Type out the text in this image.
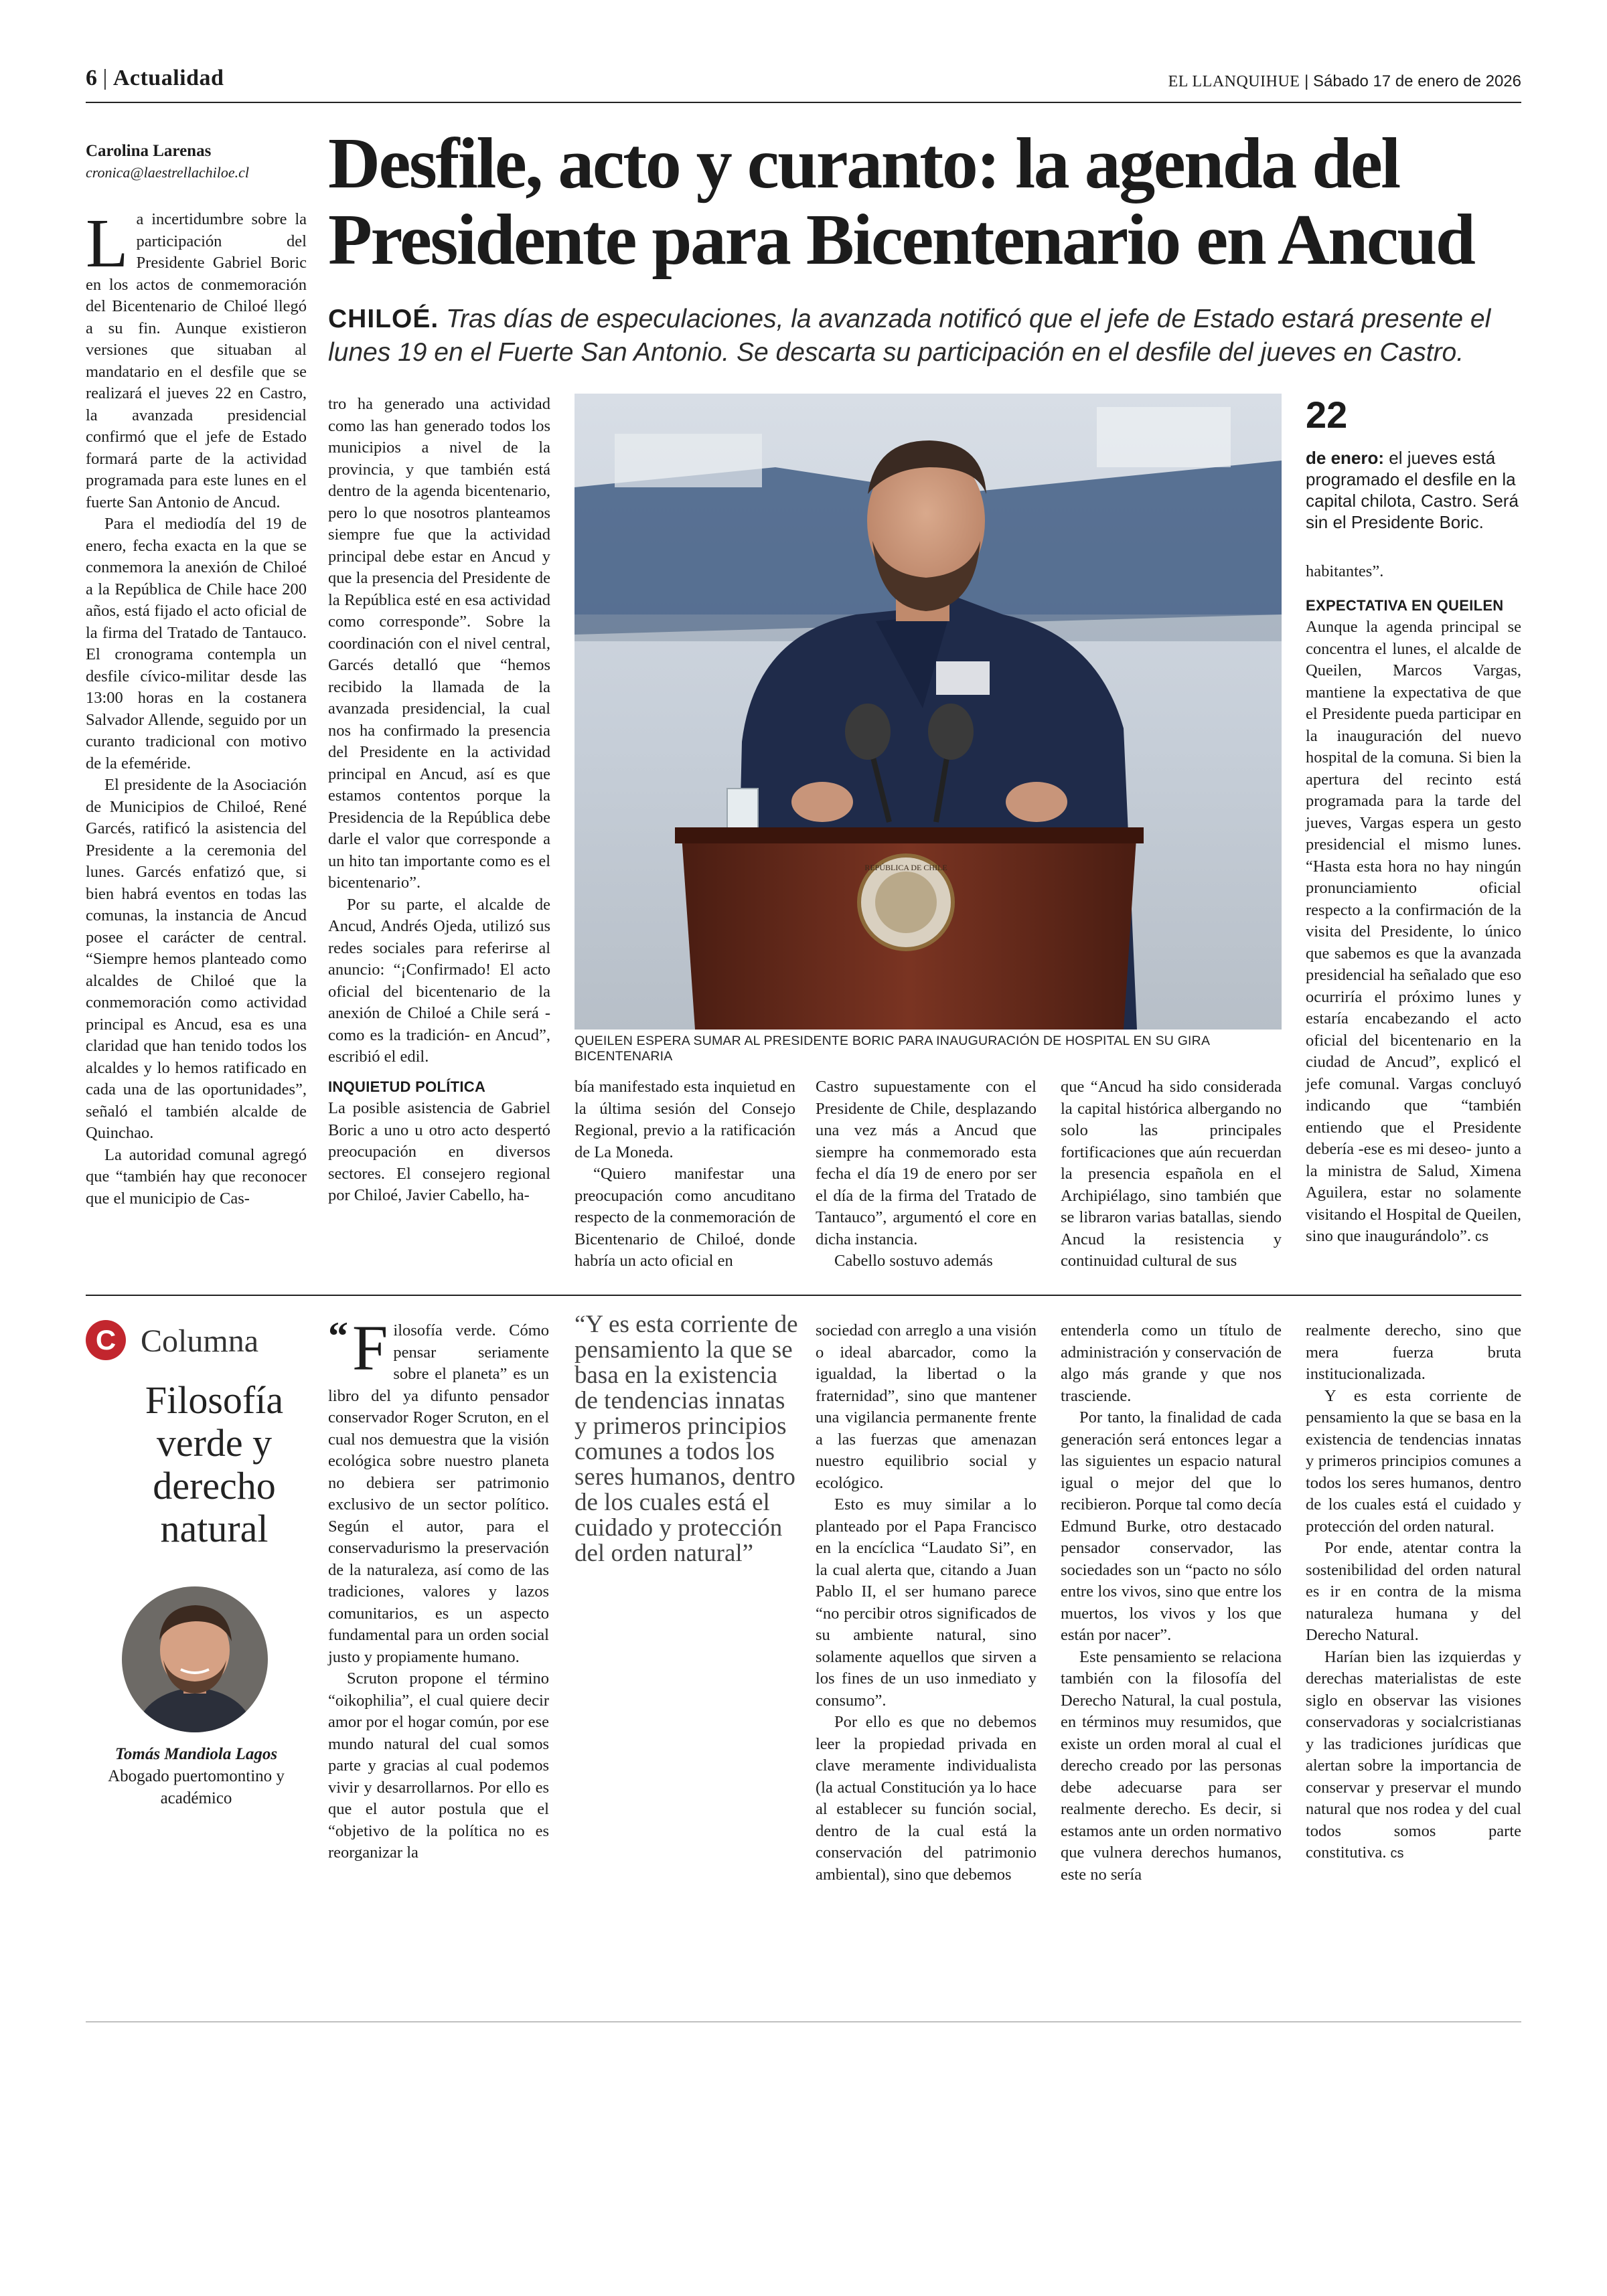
6 | Actualidad	EL LLANQUIHUE | Sábado 17 de enero de 2026
Carolina Larenas
cronica@laestrellachiloe.cl	Desfile, acto y curanto: la agenda del Presidente para Bicentenario en Ancud
CHILOÉ. Tras días de especulaciones, la avanzada notificó que el jefe de Estado estará presente el lunes 19 en el Fuerte San Antonio. Se descarta su participación en el desfile del jueves en Castro.

La incertidumbre sobre la participación del Presidente Gabriel Boric en los actos de conmemoración del Bicentenario de Chiloé llegó a su fin. Aunque existieron versiones que situaban al mandatario en el desfile que se realizará el jueves 22 en Castro, la avanzada presidencial confirmó que el jefe de Estado formará parte de la actividad programada para este lunes en el fuerte San Antonio de Ancud.

Para el mediodía del 19 de enero, fecha exacta en la que se conmemora la anexión de Chiloé a la República de Chile hace 200 años, está fijado el acto oficial de la firma del Tratado de Tantauco. El cronograma contempla un desfile cívico-militar desde las 13:00 horas en la costanera Salvador Allende, seguido por un curanto tradicional con motivo de la efeméride.

El presidente de la Asociación de Municipios de Chiloé, René Garcés, ratificó la asistencia del Presidente a la ceremonia del lunes. Garcés enfatizó que, si bien habrá eventos en todas las comunas, la instancia de Ancud posee el carácter de central. “Siempre hemos planteado como alcaldes de Chiloé que la conmemoración como actividad principal es Ancud, esa es una claridad que han tenido todos los alcaldes y lo hemos ratificado en cada una de las oportunidades”, señaló el también alcalde de Quinchao.

La autoridad comunal agregó que “también hay que reconocer que el municipio de Cas-

tro ha generado una actividad como las han generado todos los municipios a nivel de la provincia, y que también está dentro de la agenda bicentenario, pero lo que nosotros planteamos siempre fue que la actividad principal debe estar en Ancud y que la presencia del Presidente de la República esté en esa actividad como corresponde”. Sobre la coordinación con el nivel central, Garcés detalló que “hemos recibido la llamada de la avanzada presidencial, la cual nos ha confirmado la presencia del Presidente en la actividad principal en Ancud, así es que estamos contentos porque la Presidencia de la República debe darle el valor que corresponde a un hito tan importante como es el bicentenario”.

Por su parte, el alcalde de Ancud, Andrés Ojeda, utilizó sus redes sociales para referirse al anuncio: “¡Confirmado! El acto oficial del bicentenario de la anexión de Chiloé a Chile será -como es la tradición- en Ancud”, escribió el edil.

INQUIETUD POLÍTICA

La posible asistencia de Gabriel Boric a uno u otro acto despertó preocupación en diversos sectores. El consejero regional por Chiloé, Javier Cabello, ha-

REPÚBLICA DE CHILE
QUEILEN ESPERA SUMAR AL PRESIDENTE BORIC PARA INAUGURACIÓN DE HOSPITAL EN SU GIRA BICENTENARIA
22
de enero: el jueves está programado el desfile en la capital chilota, Castro. Será sin el Presidente Boric.

habitantes”.

EXPECTATIVA EN QUEILEN

Aunque la agenda principal se concentra el lunes, el alcalde de Queilen, Marcos Vargas, mantiene la expectativa de que el Presidente pueda participar en la inauguración del nuevo hospital de la comuna. Si bien la apertura del recinto está programada para la tarde del jueves, Vargas espera un gesto presidencial el mismo lunes. “Hasta esta hora no hay ningún pronunciamiento oficial respecto a la confirmación de la visita del Presidente, lo único que sabemos es que la avanzada presidencial ha señalado que eso ocurriría el próximo lunes y estaría encabezando el acto oficial del bicentenario en la ciudad de Ancud”, explicó el jefe comunal. Vargas concluyó indicando que “también entiendo que el Presidente debería -ese es mi deseo- junto a la ministra de Salud, Ximena Aguilera, estar no solamente visitando el Hospital de Queilen, sino que inaugurándolo”. cs

bía manifestado esta inquietud en la última sesión del Consejo Regional, previo a la ratificación de La Moneda.

“Quiero manifestar una preocupación como ancuditano respecto de la conmemoración de Bicentenario de Chiloé, donde habría un acto oficial en

Castro supuestamente con el Presidente de Chile, desplazando una vez más a Ancud que siempre ha conmemorado esta fecha el día 19 de enero por ser el día de la firma del Tratado de Tantauco”, argumentó el core en dicha instancia.

Cabello sostuvo además

que “Ancud ha sido considerada la capital histórica albergando no solo las principales fortificaciones que aún recuerdan la presencia española en el Archipiélago, sino también que se libraron varias batallas, siendo Ancud la resistencia y continuidad cultural de sus

C Columna
Filosofía verde y derecho natural
Tomás Mandiola Lagos
Abogado puertomontino y académico

“ F ilosofía verde. Cómo pensar seriamente sobre el planeta” es un libro del ya difunto pensador conservador Roger Scruton, en el cual nos demuestra que la visión ecológica sobre nuestro planeta no debiera ser patrimonio exclusivo de un sector político. Según el autor, para el conservadurismo la preservación de la naturaleza, así como de las tradiciones, valores y lazos comunitarios, es un aspecto fundamental para un orden social justo y propiamente humano.

Scruton propone el término “oikophilia”, el cual quiere decir amor por el hogar común, por ese mundo natural del cual somos parte y gracias al cual podemos vivir y desarrollarnos. Por ello es que el autor postula que el “objetivo de la política no es reorganizar la

“Y es esta corriente de pensamiento la que se basa en la existencia de tendencias innatas y primeros principios comunes a todos los seres humanos, dentro de los cuales está el cuidado y protección del orden natural”

sociedad con arreglo a una visión o ideal abarcador, como la igualdad, la libertad o la fraternidad”, sino que mantener una vigilancia permanente frente a las fuerzas que amenazan nuestro equilibrio social y ecológico.

Esto es muy similar a lo planteado por el Papa Francisco en la encíclica “Laudato Si”, en la cual alerta que, citando a Juan Pablo II, el ser humano parece “no percibir otros significados de su ambiente natural, sino solamente aquellos que sirven a los fines de un uso inmediato y consumo”.

Por ello es que no debemos leer la propiedad privada en clave meramente individualista (la actual Constitución ya lo hace al establecer su función social, dentro de la cual está la conservación del patrimonio ambiental), sino que debemos

entenderla como un título de administración y conservación de algo más grande y que nos trasciende.

Por tanto, la finalidad de cada generación será entonces legar a las siguientes un espacio natural igual o mejor del que lo recibieron. Porque tal como decía Edmund Burke, otro destacado pensador conservador, las sociedades son un “pacto no sólo entre los vivos, sino que entre los muertos, los vivos y los que están por nacer”.

Este pensamiento se relaciona también con la filosofía del Derecho Natural, la cual postula, en términos muy resumidos, que existe un orden moral al cual el derecho creado por las personas debe adecuarse para ser realmente derecho. Es decir, si estamos ante un orden normativo que vulnera derechos humanos, este no sería

realmente derecho, sino que mera fuerza bruta institucionalizada.

Y es esta corriente de pensamiento la que se basa en la existencia de tendencias innatas y primeros principios comunes a todos los seres humanos, dentro de los cuales está el cuidado y protección del orden natural.

Por ende, atentar contra la sostenibilidad del orden natural es ir en contra de la misma naturaleza humana y del Derecho Natural.

Harían bien las izquierdas y derechas materialistas de este siglo en observar las visiones conservadoras y socialcristianas y las tradiciones jurídicas que alertan sobre la importancia de conservar y preservar el mundo natural que nos rodea y del cual todos somos parte constitutiva. cs
